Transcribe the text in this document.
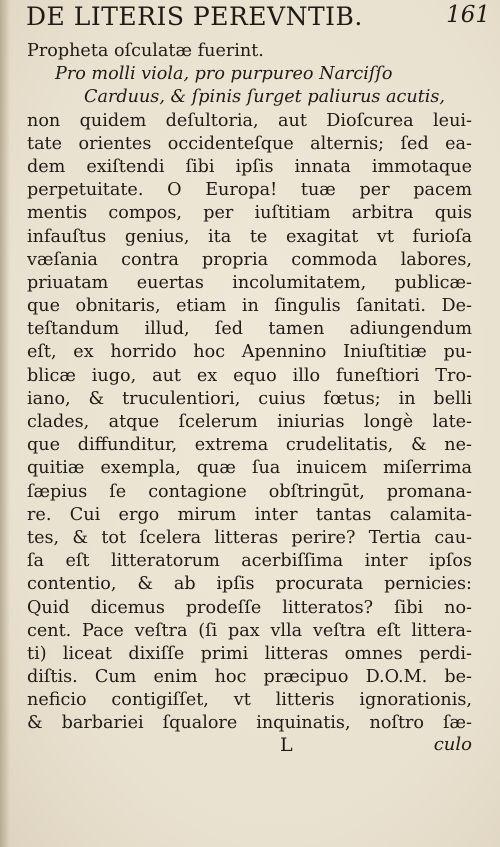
DE LITERIS PEREVNTIB.	161
Propheta oſculatæ fuerint.
Pro molli viola, pro purpureo Narciſſo
Carduus, & ſpinis ſurget paliurus acutis,
non quidem deſultoria, aut Dioſcurea leui-
tate orientes occidenteſque alternis; ſed ea-
dem exiſtendi ſibi ipſis innata immotaque
perpetuitate. O Europa! tuæ per pacem
mentis compos, per iuſtitiam arbitra quis
infauſtus genius, ita te exagitat vt furioſa
væſania contra propria commoda labores,
priuatam euertas incolumitatem, publicæ-
que obnitaris, etiam in ſingulis ſanitati. De-
teſtandum illud, ſed tamen adiungendum
eſt, ex horrido hoc Apennino Iniuſtitiæ pu-
blicæ iugo, aut ex equo illo funeſtiori Tro-
iano, & truculentiori, cuius fœtus; in belli
clades, atque ſcelerum iniurias longè late-
que diffunditur, extrema crudelitatis, & ne-
quitiæ exempla, quæ ſua inuicem miſerrima
ſæpius ſe contagione obſtringūt, promana-
re. Cui ergo mirum inter tantas calamita-
tes, & tot ſcelera litteras perire? Tertia cau-
ſa eſt litteratorum acerbiſſima inter ipſos
contentio, & ab ipſis procurata pernicies:
Quid dicemus prodeſſe litteratos? ſibi no-
cent. Pace veſtra (ſi pax vlla veſtra eſt littera-
ti) liceat dixiſſe primi litteras omnes perdi-
diſtis. Cum enim hoc præcipuo D.O.M. be-
neficio contigiſſet, vt litteris ignorationis,
& barbariei ſqualore inquinatis, noſtro ſæ-
L	culo
